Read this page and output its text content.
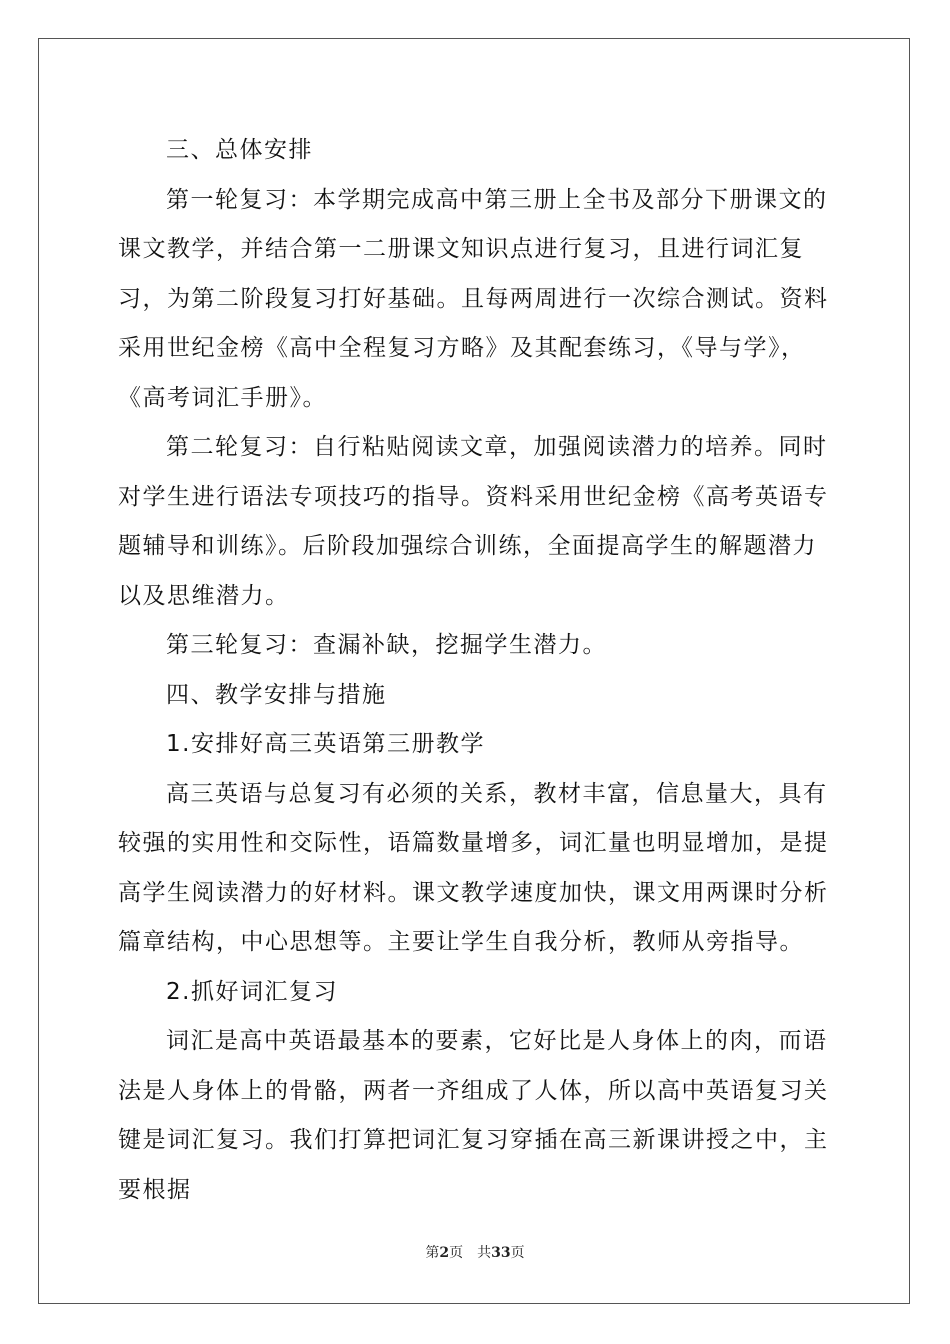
三、总体安排

第一轮复习：本学期完成高中第三册上全书及部分下册课文的课文教学，并结合第一二册课文知识点进行复习，且进行词汇复习，为第二阶段复习打好基础。且每两周进行一次综合测试。资料采用世纪金榜《高中全程复习方略》及其配套练习，《导与学》，《高考词汇手册》。

第二轮复习：自行粘贴阅读文章，加强阅读潜力的培养。同时对学生进行语法专项技巧的指导。资料采用世纪金榜《高考英语专题辅导和训练》。后阶段加强综合训练，全面提高学生的解题潜力以及思维潜力。

第三轮复习：查漏补缺，挖掘学生潜力。

四、教学安排与措施

1.安排好高三英语第三册教学

高三英语与总复习有必须的关系，教材丰富，信息量大，具有较强的实用性和交际性，语篇数量增多，词汇量也明显增加，是提高学生阅读潜力的好材料。课文教学速度加快，课文用两课时分析篇章结构，中心思想等。主要让学生自我分析，教师从旁指导。

2.抓好词汇复习

词汇是高中英语最基本的要素，它好比是人身体上的肉，而语法是人身体上的骨骼，两者一齐组成了人体，所以高中英语复习关键是词汇复习。我们打算把词汇复习穿插在高三新课讲授之中，主要根据

第2页 共33页
